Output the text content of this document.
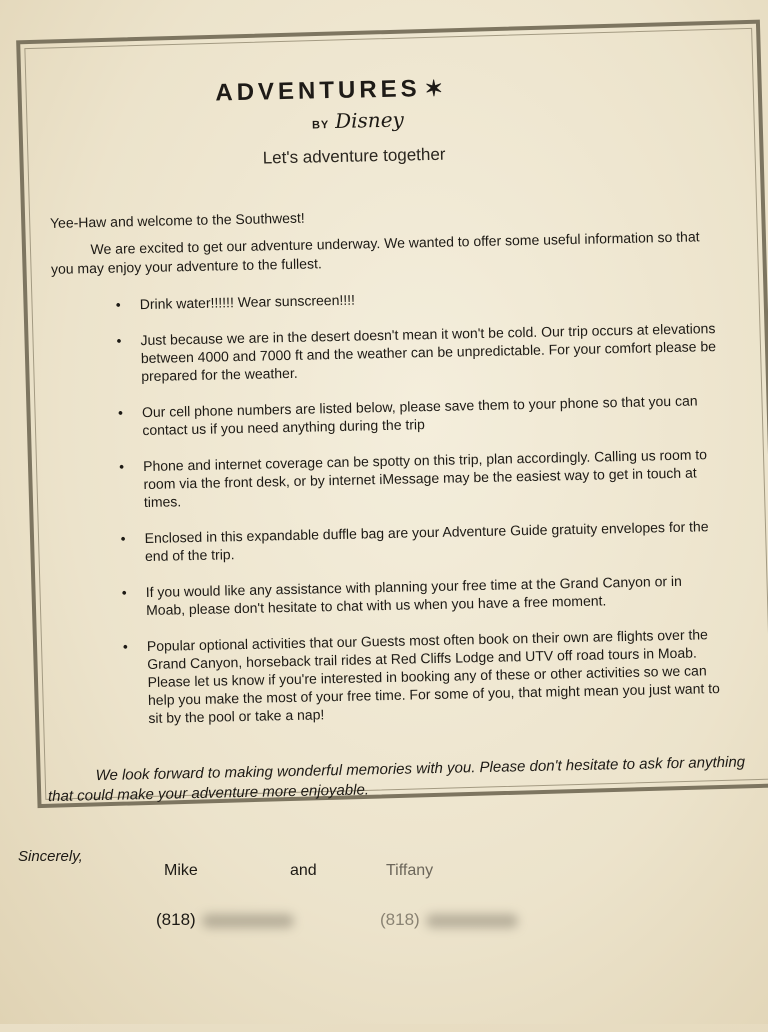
ADVENTURES ✶
BY Disney
Let's adventure together
Yee-Haw and welcome to the Southwest!
We are excited to get our adventure underway. We wanted to offer some useful information so that you may enjoy your adventure to the fullest.
• Drink water!!!!!! Wear sunscreen!!!!
• Just because we are in the desert doesn't mean it won't be cold. Our trip occurs at elevations between 4000 and 7000 ft and the weather can be unpredictable. For your comfort please be prepared for the weather.
• Our cell phone numbers are listed below, please save them to your phone so that you can contact us if you need anything during the trip
• Phone and internet coverage can be spotty on this trip, plan accordingly. Calling us room to room via the front desk, or by internet iMessage may be the easiest way to get in touch at times.
• Enclosed in this expandable duffle bag are your Adventure Guide gratuity envelopes for the end of the trip.
• If you would like any assistance with planning your free time at the Grand Canyon or in Moab, please don't hesitate to chat with us when you have a free moment.
• Popular optional activities that our Guests most often book on their own are flights over the Grand Canyon, horseback trail rides at Red Cliffs Lodge and UTV off road tours in Moab. Please let us know if you're interested in booking any of these or other activities so we can help you make the most of your free time. For some of you, that might mean you just want to sit by the pool or take a nap!
We look forward to making wonderful memories with you. Please don't hesitate to ask for anything that could make your adventure more enjoyable.
Sincerely,
Mike	and	Tiffany
(818)	(818)
